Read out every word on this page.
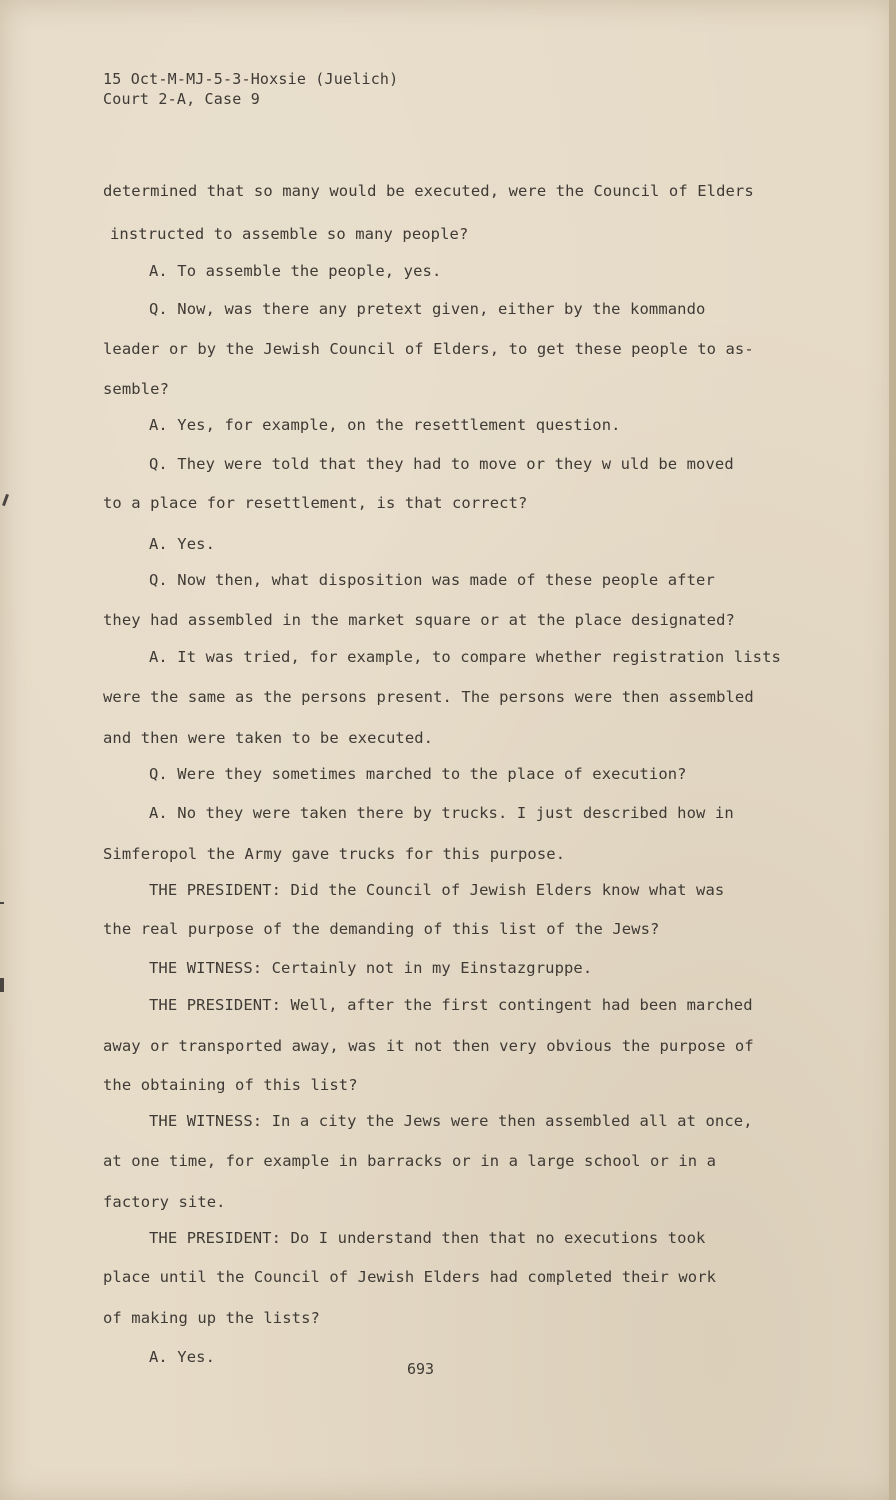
15 Oct-M-MJ-5-3-Hoxsie (Juelich)
Court 2-A, Case 9
determined that so many would be executed, were the Council of Elders
instructed to assemble so many people?
A. To assemble the people, yes.
Q. Now, was there any pretext given, either by the kommando
leader or by the Jewish Council of Elders, to get these people to as-
semble?
A. Yes, for example, on the resettlement question.
Q. They were told that they had to move or they w uld be moved
to a place for resettlement, is that correct?
A. Yes.
Q. Now then, what disposition was made of these people after
they had assembled in the market square or at the place designated?
A. It was tried, for example, to compare whether registration lists
were the same as the persons present. The persons were then assembled
and then were taken to be executed.
Q. Were they sometimes marched to the place of execution?
A. No they were taken there by trucks. I just described how in
Simferopol the Army gave trucks for this purpose.
THE PRESIDENT: Did the Council of Jewish Elders know what was
the real purpose of the demanding of this list of the Jews?
THE WITNESS: Certainly not in my Einstazgruppe.
THE PRESIDENT: Well, after the first contingent had been marched
away or transported away, was it not then very obvious the purpose of
the obtaining of this list?
THE WITNESS: In a city the Jews were then assembled all at once,
at one time, for example in barracks or in a large school or in a
factory site.
THE PRESIDENT: Do I understand then that no executions took
place until the Council of Jewish Elders had completed their work
of making up the lists?
A. Yes.
693
